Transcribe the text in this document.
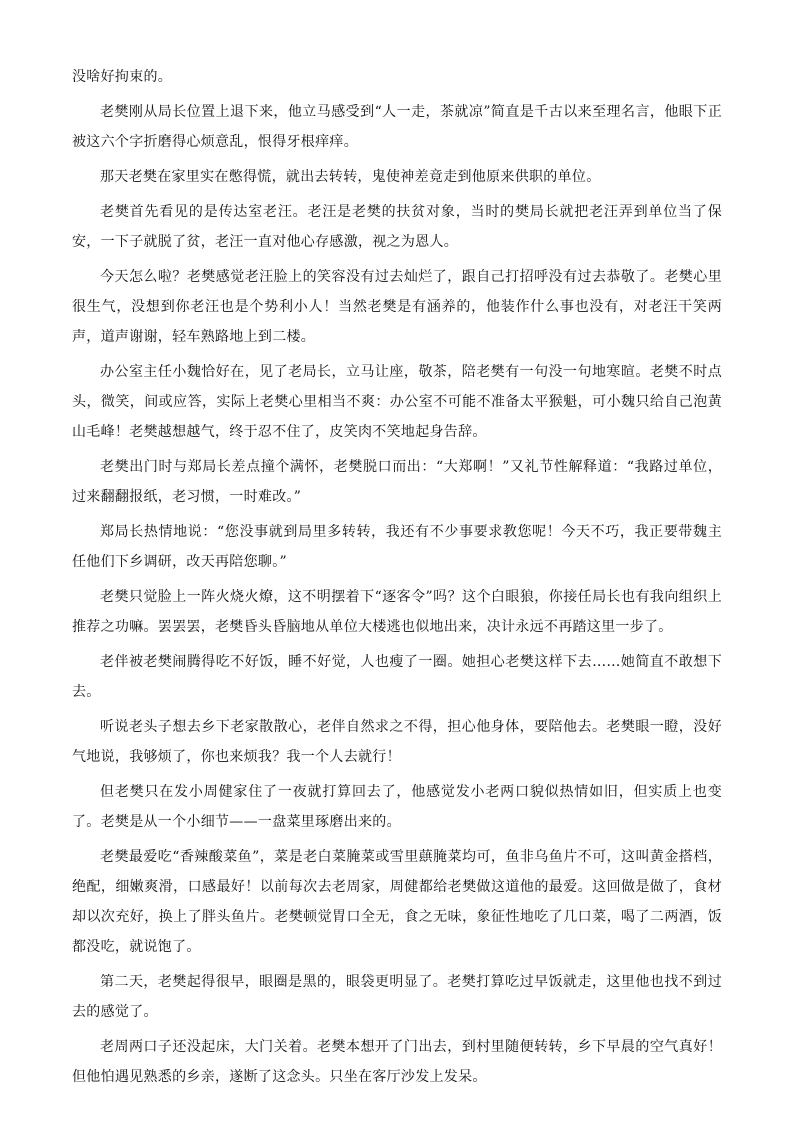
没啥好拘束的。

老樊刚从局长位置上退下来，他立马感受到“人一走，茶就凉”简直是千古以来至理名言，他眼下正被这六个字折磨得心烦意乱，恨得牙根痒痒。

那天老樊在家里实在憋得慌，就出去转转，鬼使神差竟走到他原来供职的单位。

老樊首先看见的是传达室老汪。老汪是老樊的扶贫对象，当时的樊局长就把老汪弄到单位当了保安，一下子就脱了贫，老汪一直对他心存感激，视之为恩人。

今天怎么啦？老樊感觉老汪脸上的笑容没有过去灿烂了，跟自己打招呼没有过去恭敬了。老樊心里很生气，没想到你老汪也是个势利小人！当然老樊是有涵养的，他装作什么事也没有，对老汪干笑两声，道声谢谢，轻车熟路地上到二楼。

办公室主任小魏恰好在，见了老局长，立马让座，敬茶，陪老樊有一句没一句地寒暄。老樊不时点头，微笑，间或应答，实际上老樊心里相当不爽：办公室不可能不准备太平猴魁，可小魏只给自己泡黄山毛峰！老樊越想越气，终于忍不住了，皮笑肉不笑地起身告辞。

老樊出门时与郑局长差点撞个满怀，老樊脱口而出：“大郑啊！”又礼节性解释道：“我路过单位，过来翻翻报纸，老习惯，一时难改。”

郑局长热情地说：“您没事就到局里多转转，我还有不少事要求教您呢！今天不巧，我正要带魏主任他们下乡调研，改天再陪您聊。”

老樊只觉脸上一阵火烧火燎，这不明摆着下“逐客令”吗？这个白眼狼，你接任局长也有我向组织上推荐之功嘛。罢罢罢，老樊昏头昏脑地从单位大楼逃也似地出来，决计永远不再踏这里一步了。

老伴被老樊闹腾得吃不好饭，睡不好觉，人也瘦了一圈。她担心老樊这样下去……她简直不敢想下去。

听说老头子想去乡下老家散散心，老伴自然求之不得，担心他身体，要陪他去。老樊眼一瞪，没好气地说，我够烦了，你也来烦我？我一个人去就行！

但老樊只在发小周健家住了一夜就打算回去了，他感觉发小老两口貌似热情如旧，但实质上也变了。老樊是从一个小细节——一盘菜里琢磨出来的。

老樊最爱吃“香辣酸菜鱼”，菜是老白菜腌菜或雪里蕻腌菜均可，鱼非乌鱼片不可，这叫黄金搭档，绝配，细嫩爽滑，口感最好！以前每次去老周家，周健都给老樊做这道他的最爱。这回做是做了，食材却以次充好，换上了胖头鱼片。老樊顿觉胃口全无，食之无味，象征性地吃了几口菜，喝了二两酒，饭都没吃，就说饱了。

第二天，老樊起得很早，眼圈是黑的，眼袋更明显了。老樊打算吃过早饭就走，这里他也找不到过去的感觉了。

老周两口子还没起床，大门关着。老樊本想开了门出去，到村里随便转转，乡下早晨的空气真好！但他怕遇见熟悉的乡亲，遂断了这念头。只坐在客厅沙发上发呆。
